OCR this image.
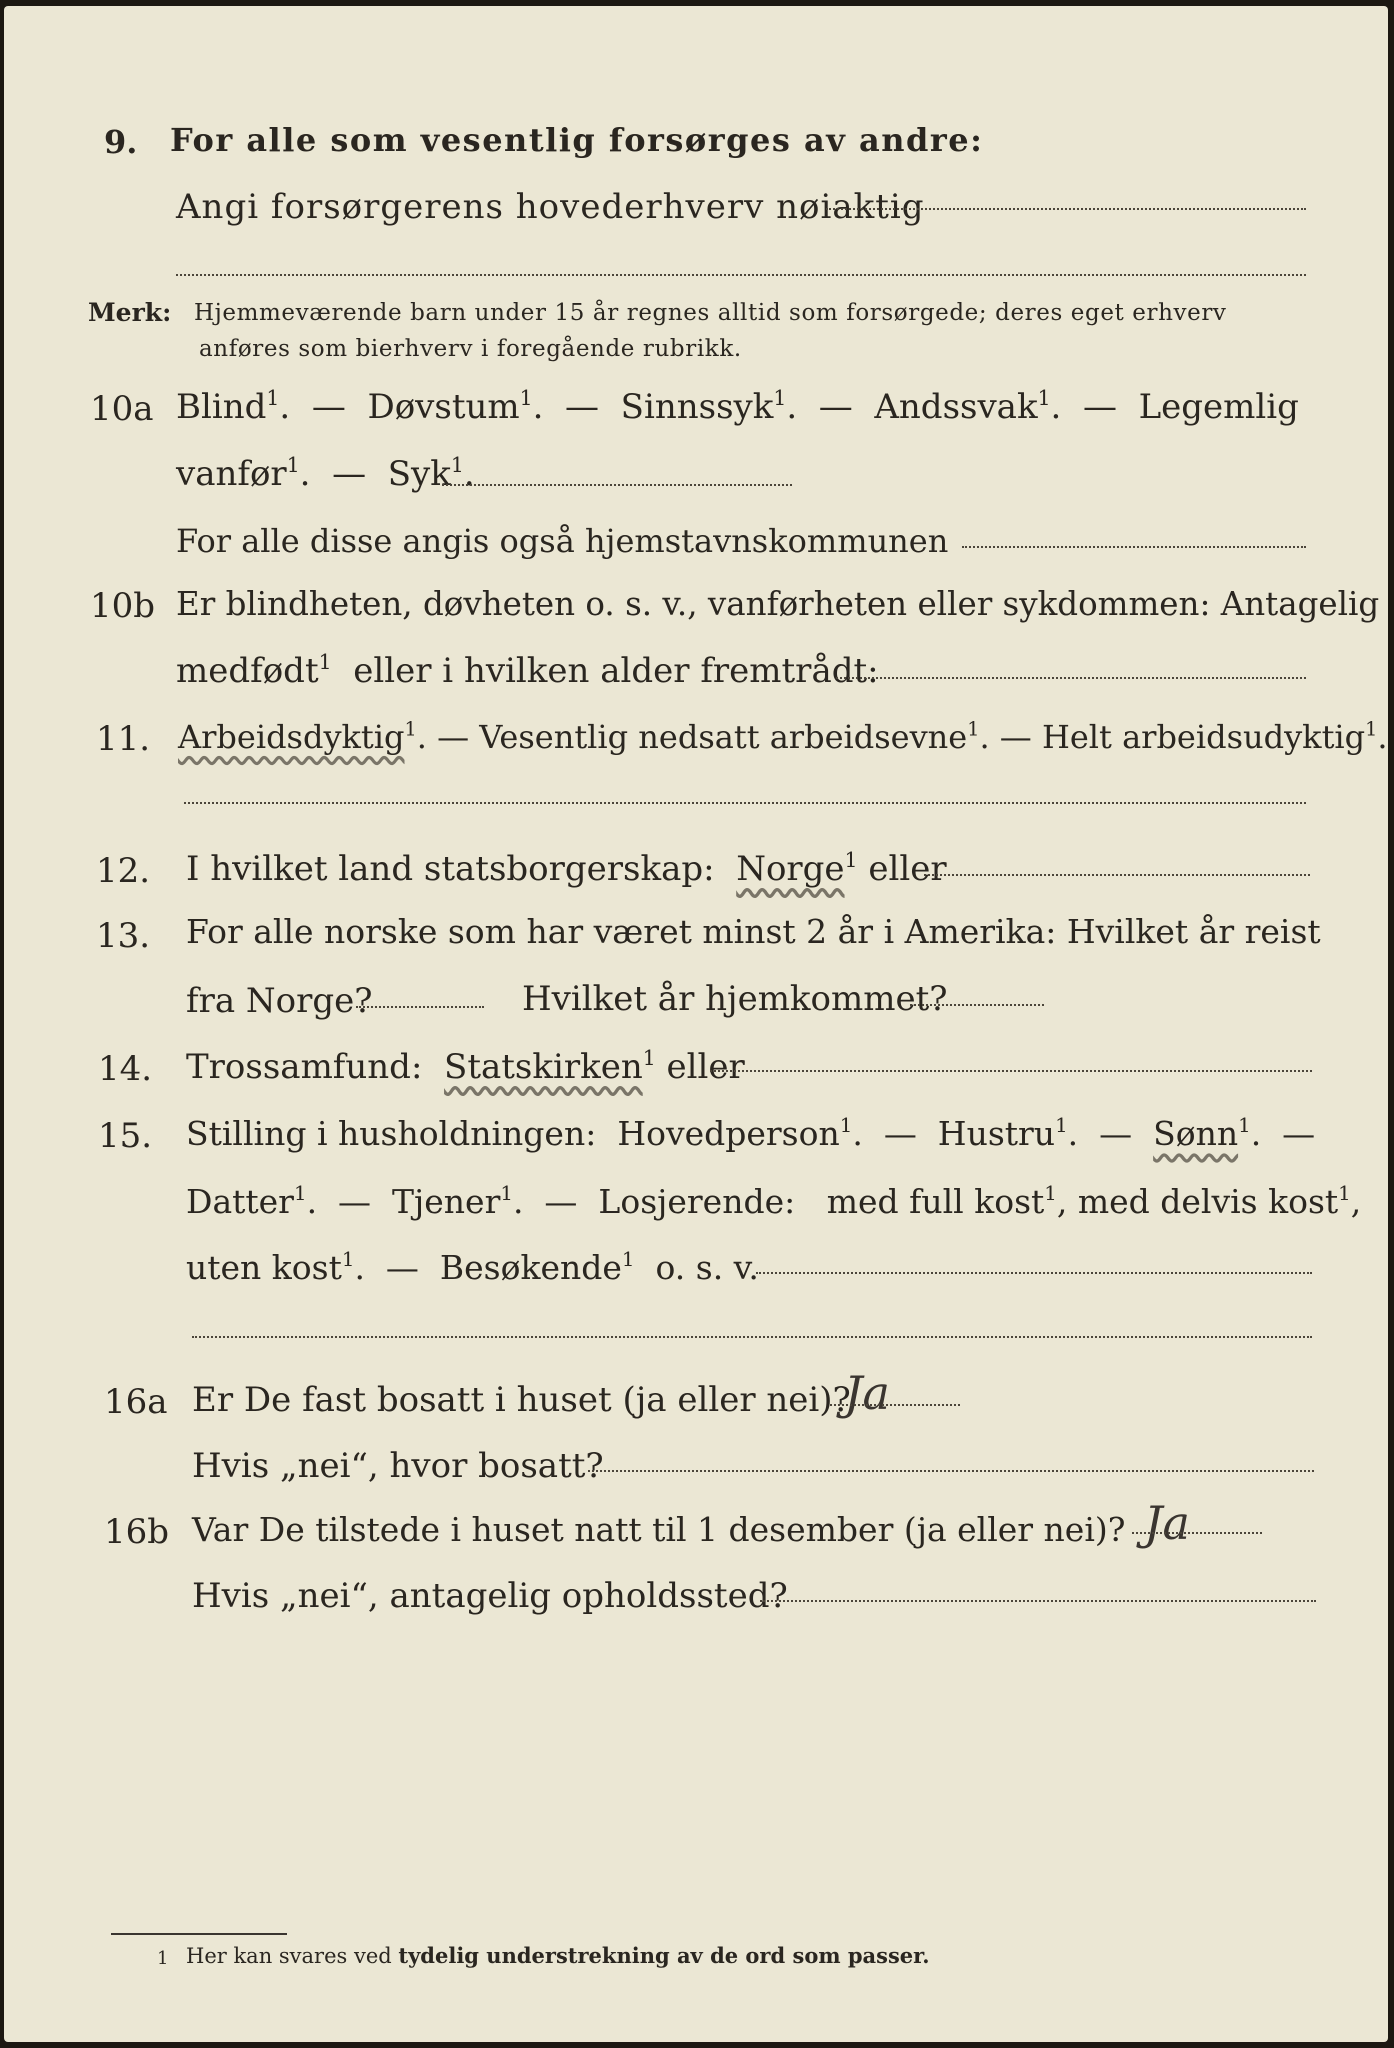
9. For alle som vesentlig forsørges av andre:
Angi forsørgerens hovederhverv nøiaktig
Merk: Hjemmeværende barn under 15 år regnes alltid som forsørgede; deres eget erhverv
anføres som bierhverv i foregående rubrikk.
10a Blind$^1$.  —  Døvstum$^1$.  —  Sinnssyk$^1$.  —  Andssvak$^1$.  —  Legemlig
vanfør$^1$.  —  Syk$^1$.
For alle disse angis også hjemstavnskommunen
10b Er blindheten, døvheten o. s. v., vanførheten eller sykdommen: Antagelig
medfødt$^1$ eller i hvilken alder fremtrådt:
11. Arbeidsdyktig$^1$. — Vesentlig nedsatt arbeidsevne$^1$. — Helt arbeidsudyktig$^1$.
12. I hvilket land statsborgerskap: Norge$^1$ eller
13. For alle norske som har været minst 2 år i Amerika: Hvilket år reist
fra Norge?	Hvilket år hjemkommet?
14. Trossamfund: Statskirken$^1$ eller
15. Stilling i husholdningen: Hovedperson$^1$.  —  Hustru$^1$.  —  Sønn$^1$.  —
Datter$^1$.  —  Tjener$^1$.  —  Losjerende: med full kost$^1$, med delvis kost$^1$,
uten kost$^1$.  —  Besøkende$^1$ o. s. v.
16a Er De fast bosatt i huset (ja eller nei)?
Ja
Hvis „nei“, hvor bosatt?
16b Var De tilstede i huset natt til 1 desember (ja eller nei)? Ja
Hvis „nei“, antagelig opholdssted?
1 Her kan svares ved tydelig understrekning av de ord som passer.
